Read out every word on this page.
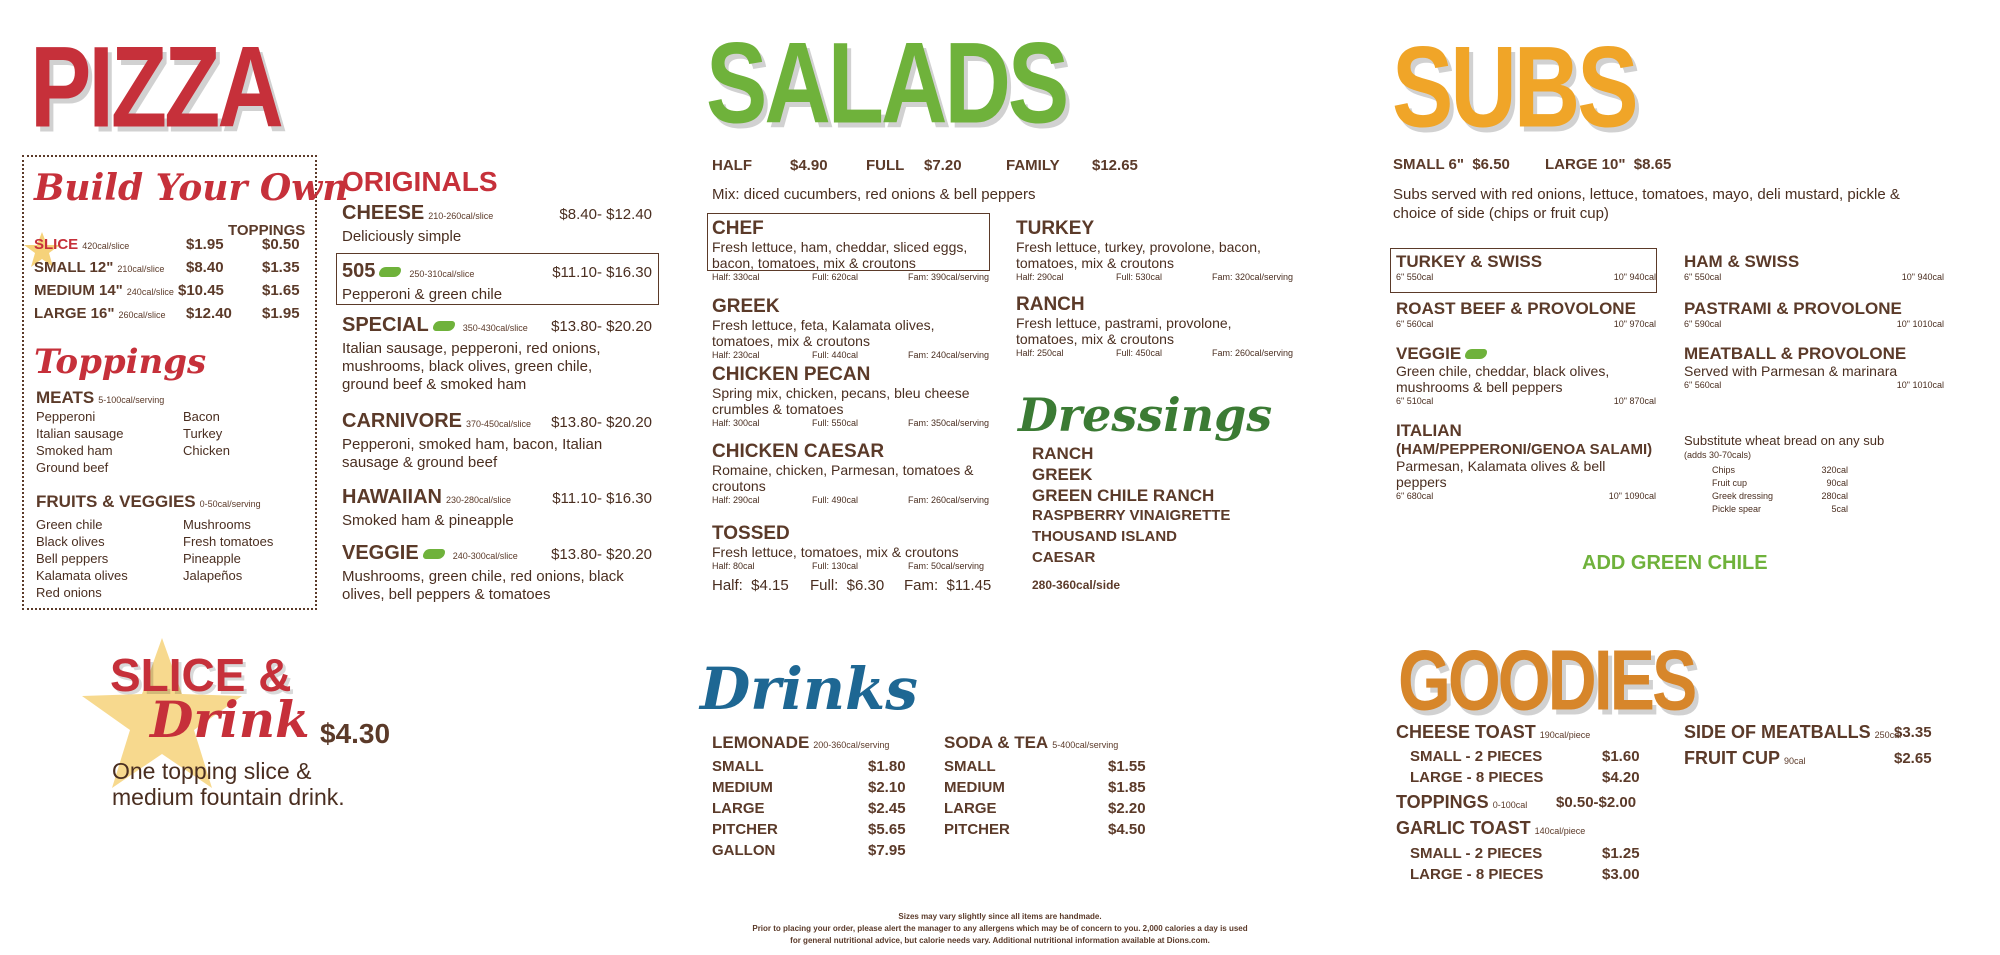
PIZZA
Build Your Own
TOPPINGS
Toppings
MEATS 5-100cal/serving
Pepperoni
Italian sausage
Smoked ham
Ground beef
Bacon
Turkey
Chicken
FRUITS & VEGGIES 0-50cal/serving
Green chile
Black olives
Bell peppers
Kalamata olives
Red onions
Mushrooms
Fresh tomatoes
Pineapple
Jalapeños
ORIGINALS
SLICE &
Drink $4.30
One topping slice &
medium fountain drink.
SALADS
HALF	$4.90	FULL $7.20	FAMILY $12.65
Mix: diced cucumbers, red onions & bell peppers
Half:  $4.15 Full:  $6.30 Fam:  $11.45
Dressings
280-360cal/side
Drinks
SUBS
SMALL 6"  $6.50 LARGE 10"  $8.65
Subs served with red onions, lettuce, tomatoes, mayo, deli mustard, pickle & choice of side (chips or fruit cup)
Substitute wheat bread on any sub
(adds 30-70cals)
ADD GREEN CHILE
GOODIES
Sizes may vary slightly since all items are handmade.
Prior to placing your order, please alert the manager to any allergens which may be of concern to you. 2,000 calories a day is used
for general nutritional advice, but calorie needs vary. Additional nutritional information available at Dions.com.
SLICE 420cal/slice	$1.95	$0.50
SMALL 12" 210cal/slice $8.40	$1.35
MEDIUM 14" 240cal/slice $10.45	$1.65
LARGE 16" 260cal/slice $12.40 $1.95
CHEESE 210-260cal/slice	$8.40- $12.40
Deliciously simple
505	250-310cal/slice	$11.10- $16.30
Pepperoni & green chile
SPECIAL	350-430cal/slice $13.80- $20.20
Italian sausage, pepperoni, red onions, mushrooms, black olives, green chile, ground beef & smoked ham
CARNIVORE 370-450cal/slice $13.80- $20.20
Pepperoni, smoked ham, bacon, Italian sausage & ground beef
HAWAIIAN 230-280cal/slice	$11.10- $16.30
Smoked ham & pineapple
VEGGIE	240-300cal/slice $13.80- $20.20
Mushrooms, green chile, red onions, black olives, bell peppers & tomatoes
CHEF
Fresh lettuce, ham, cheddar, sliced eggs, bacon, tomatoes, mix & croutons
Half: 330cal	Full: 620cal	Fam: 390cal/serving
GREEK
Fresh lettuce, feta, Kalamata olives, tomatoes, mix & croutons
Half: 230cal	Full: 440cal	Fam: 240cal/serving
CHICKEN PECAN
Spring mix, chicken, pecans, bleu cheese crumbles & tomatoes
Half: 300cal	Full: 550cal	Fam: 350cal/serving
CHICKEN CAESAR
Romaine, chicken, Parmesan, tomatoes & croutons
Half: 290cal	Full: 490cal	Fam: 260cal/serving
TOSSED
Fresh lettuce, tomatoes, mix & croutons
Half: 80cal	Full: 130cal	Fam: 50cal/serving
TURKEY
Fresh lettuce, turkey, provolone, bacon, tomatoes, mix & croutons
Half: 290cal	Full: 530cal	Fam: 320cal/serving
RANCH
Fresh lettuce, pastrami, provolone, tomatoes, mix & croutons
Half: 250cal	Full: 450cal	Fam: 260cal/serving
RANCH
GREEK
GREEN CHILE RANCH
RASPBERRY VINAIGRETTE
THOUSAND ISLAND
CAESAR
LEMONADE 200-360cal/serving
SMALL	$1.80
MEDIUM	$2.10
LARGE	$2.45
PITCHER	$5.65
GALLON	$7.95
SODA & TEA 5-400cal/serving
SMALL	$1.55
MEDIUM	$1.85
LARGE	$2.20
PITCHER	$4.50
TURKEY & SWISS
6" 550cal	10" 940cal
ROAST BEEF & PROVOLONE
6" 560cal	10" 970cal
VEGGIE
Green chile, cheddar, black olives, mushrooms & bell peppers
6" 510cal	10" 870cal
ITALIAN
(HAM/PEPPERONI/GENOA SALAMI)
Parmesan, Kalamata olives & bell peppers
6" 680cal	10" 1090cal
HAM & SWISS
6" 550cal	10" 940cal
PASTRAMI & PROVOLONE
6" 590cal	10" 1010cal
MEATBALL & PROVOLONE
Served with Parmesan & marinara
6" 560cal	10" 1010cal
Chips	320cal
Fruit cup	90cal
Greek dressing	280cal
Pickle spear	5cal
CHEESE TOAST 190cal/piece
SMALL - 2 PIECES	$1.60
LARGE - 8 PIECES	$4.20
TOPPINGS 0-100cal $0.50-$2.00
GARLIC TOAST 140cal/piece
SMALL - 2 PIECES	$1.25
LARGE - 8 PIECES	$3.00
SIDE OF MEATBALLS 250cal
$3.35
FRUIT CUP 90cal	$2.65
